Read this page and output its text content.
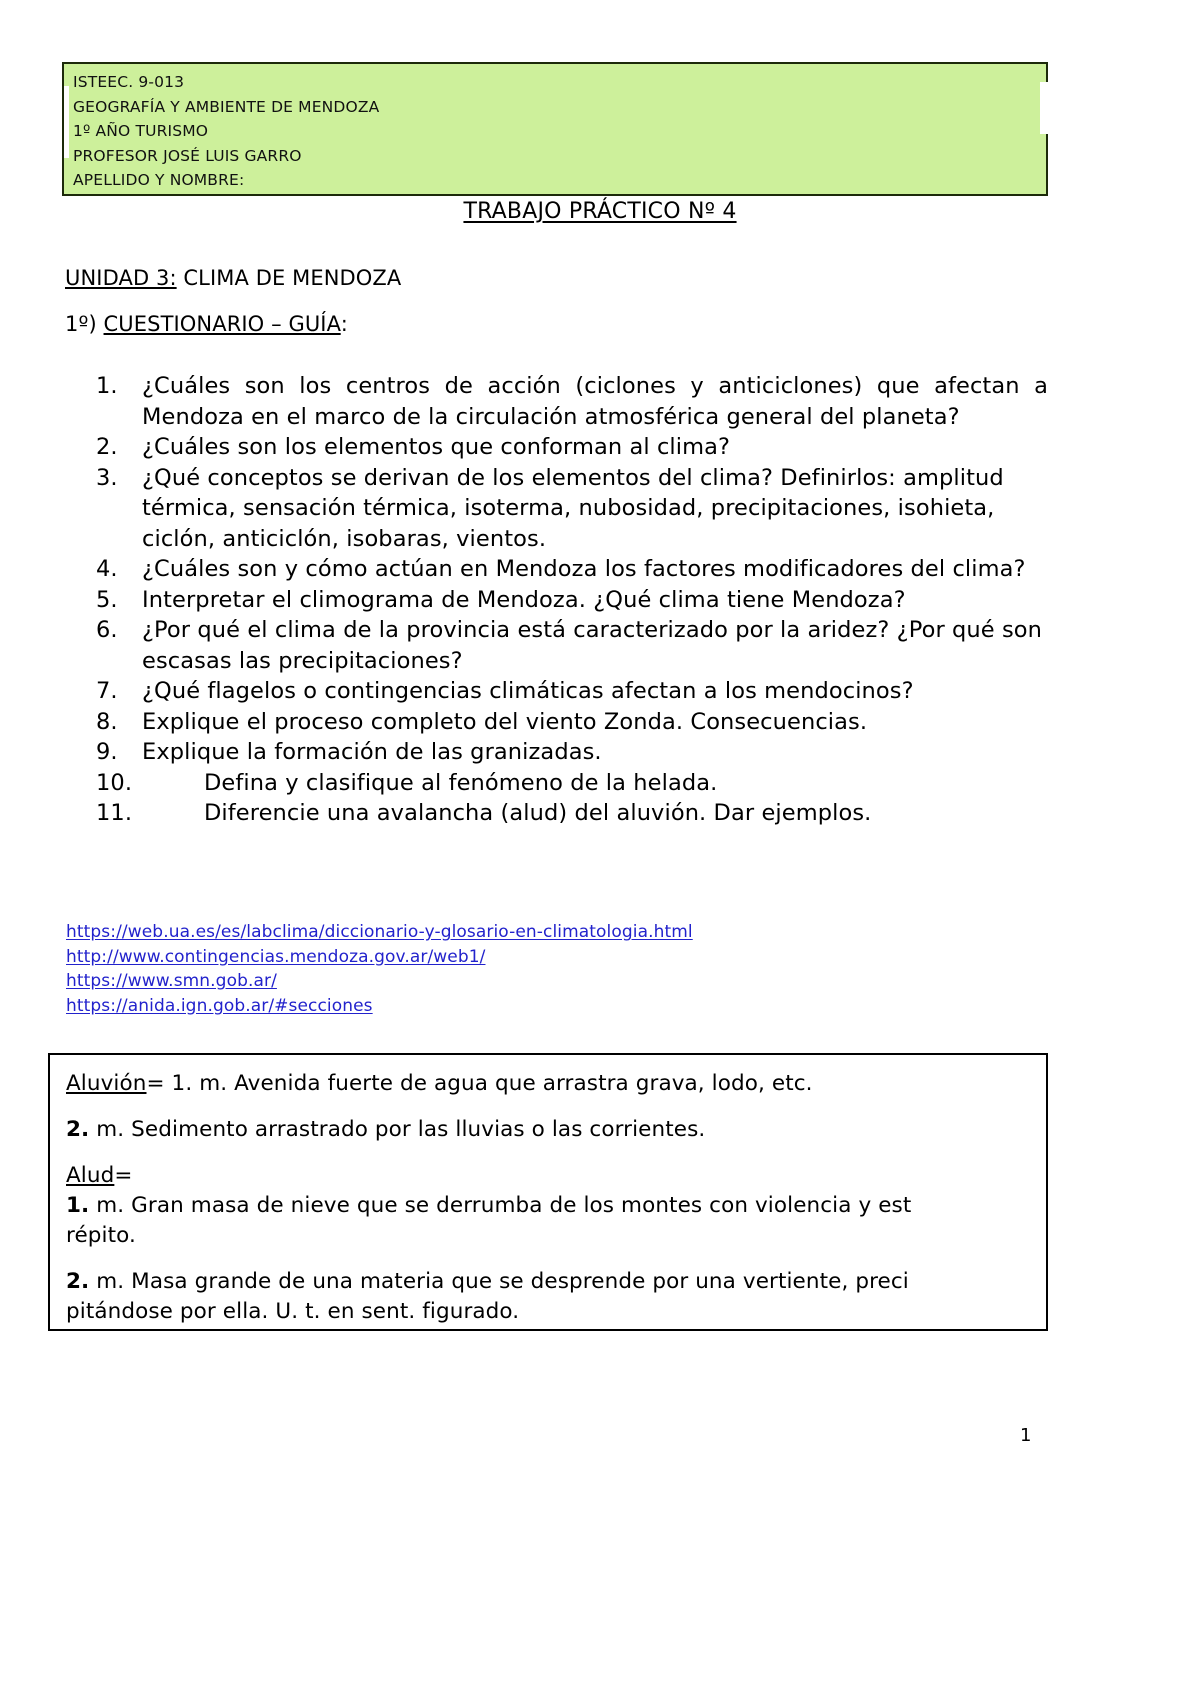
ISTEEC. 9-013
GEOGRAFÍA Y AMBIENTE DE MENDOZA
1º AÑO TURISMO
PROFESOR JOSÉ LUIS GARRO
APELLIDO Y NOMBRE:
TRABAJO PRÁCTICO Nº 4
UNIDAD 3: CLIMA DE MENDOZA
1º) CUESTIONARIO – GUÍA:
1.	¿Cuáles son los centros de acción (ciclones y anticiclones) que afectan a Mendoza en el marco de la circulación atmosférica general del planeta?
2.	¿Cuáles son los elementos que conforman al clima?
3.	¿Qué conceptos se derivan de los elementos del clima? Definirlos: amplitud térmica, sensación térmica, isoterma, nubosidad, precipitaciones, isohieta, ciclón, anticiclón, isobaras, vientos.
4.	¿Cuáles son y cómo actúan en Mendoza los factores modificadores del clima?
5.	Interpretar el climograma de Mendoza. ¿Qué clima tiene Mendoza?
6.	¿Por qué el clima de la provincia está caracterizado por la aridez? ¿Por qué son escasas las precipitaciones?
7.	¿Qué flagelos o contingencias climáticas afectan a los mendocinos?
8.	Explique el proceso completo del viento Zonda. Consecuencias.
9.	Explique la formación de las granizadas.
10.	Defina y clasifique al fenómeno de la helada.
11.	Diferencie una avalancha (alud) del aluvión. Dar ejemplos.
https://web.ua.es/es/labclima/diccionario-y-glosario-en-climatologia.html
http://www.contingencias.mendoza.gov.ar/web1/
https://www.smn.gob.ar/
https://anida.ign.gob.ar/#secciones

Aluvión= 1. m. Avenida fuerte de agua que arrastra grava, lodo, etc.

2. m. Sedimento arrastrado por las lluvias o las corrientes.

Alud=

1. m. Gran masa de nieve que se derrumba de los montes con violencia y est
répito.

2. m. Masa grande de una materia que se desprende por una vertiente, preci
pitándose por ella. U. t. en sent. figurado.

1
